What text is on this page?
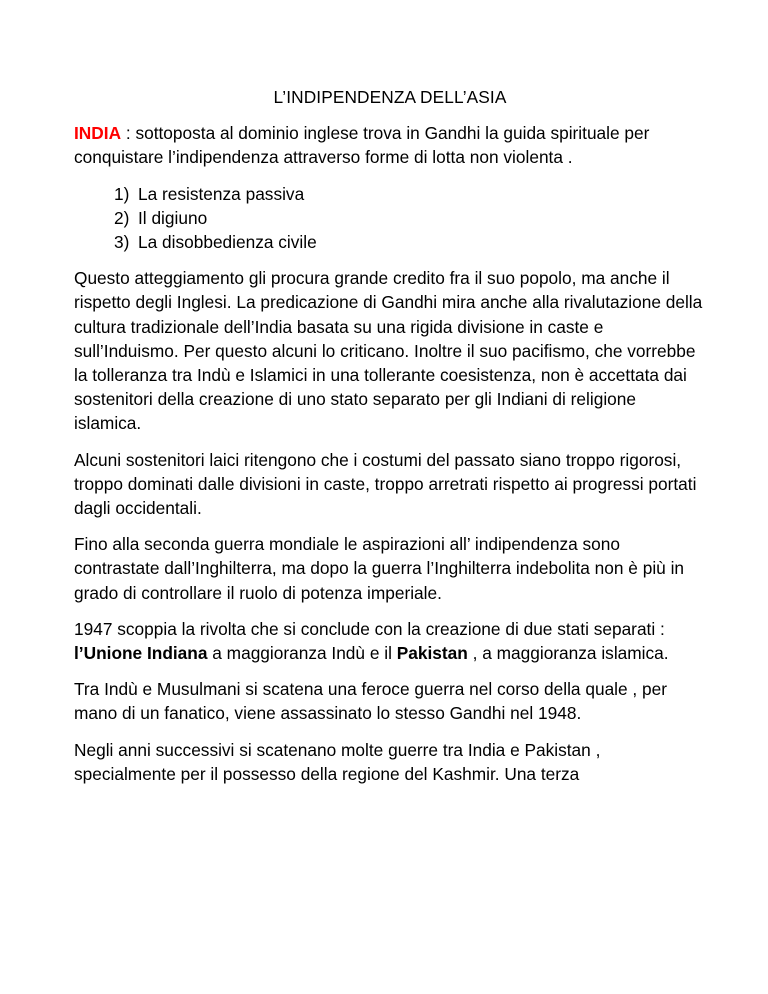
L’INDIPENDENZA DELL’ASIA

INDIA : sottoposta al dominio inglese trova in Gandhi la guida spirituale per conquistare l’indipendenza attraverso forme di lotta non violenta .

1) La resistenza passiva
2) Il digiuno
3) La disobbedienza civile

Questo atteggiamento gli procura grande credito fra il suo popolo, ma anche il rispetto degli Inglesi. La predicazione di Gandhi mira anche alla rivalutazione della cultura tradizionale dell’India basata su una rigida divisione in caste e sull’Induismo. Per questo alcuni lo criticano. Inoltre il suo pacifismo, che vorrebbe la tolleranza tra Indù e Islamici in una tollerante coesistenza, non è accettata dai sostenitori della creazione di uno stato separato per gli Indiani di religione islamica.

Alcuni sostenitori laici ritengono che i costumi del passato siano troppo rigorosi, troppo dominati dalle divisioni in caste, troppo arretrati rispetto ai progressi portati dagli occidentali.

Fino alla seconda guerra mondiale le aspirazioni all’ indipendenza sono contrastate dall’Inghilterra, ma dopo la guerra l’Inghilterra indebolita non è più in grado di controllare il ruolo di potenza imperiale.

1947 scoppia la rivolta che si conclude con la creazione di due stati separati : l’Unione Indiana a maggioranza Indù e il Pakistan , a maggioranza islamica.

Tra Indù e Musulmani si scatena una feroce guerra nel corso della quale , per mano di un fanatico, viene assassinato lo stesso Gandhi nel 1948.

Negli anni successivi si scatenano molte guerre tra India e Pakistan , specialmente per il possesso della regione del Kashmir. Una terza
